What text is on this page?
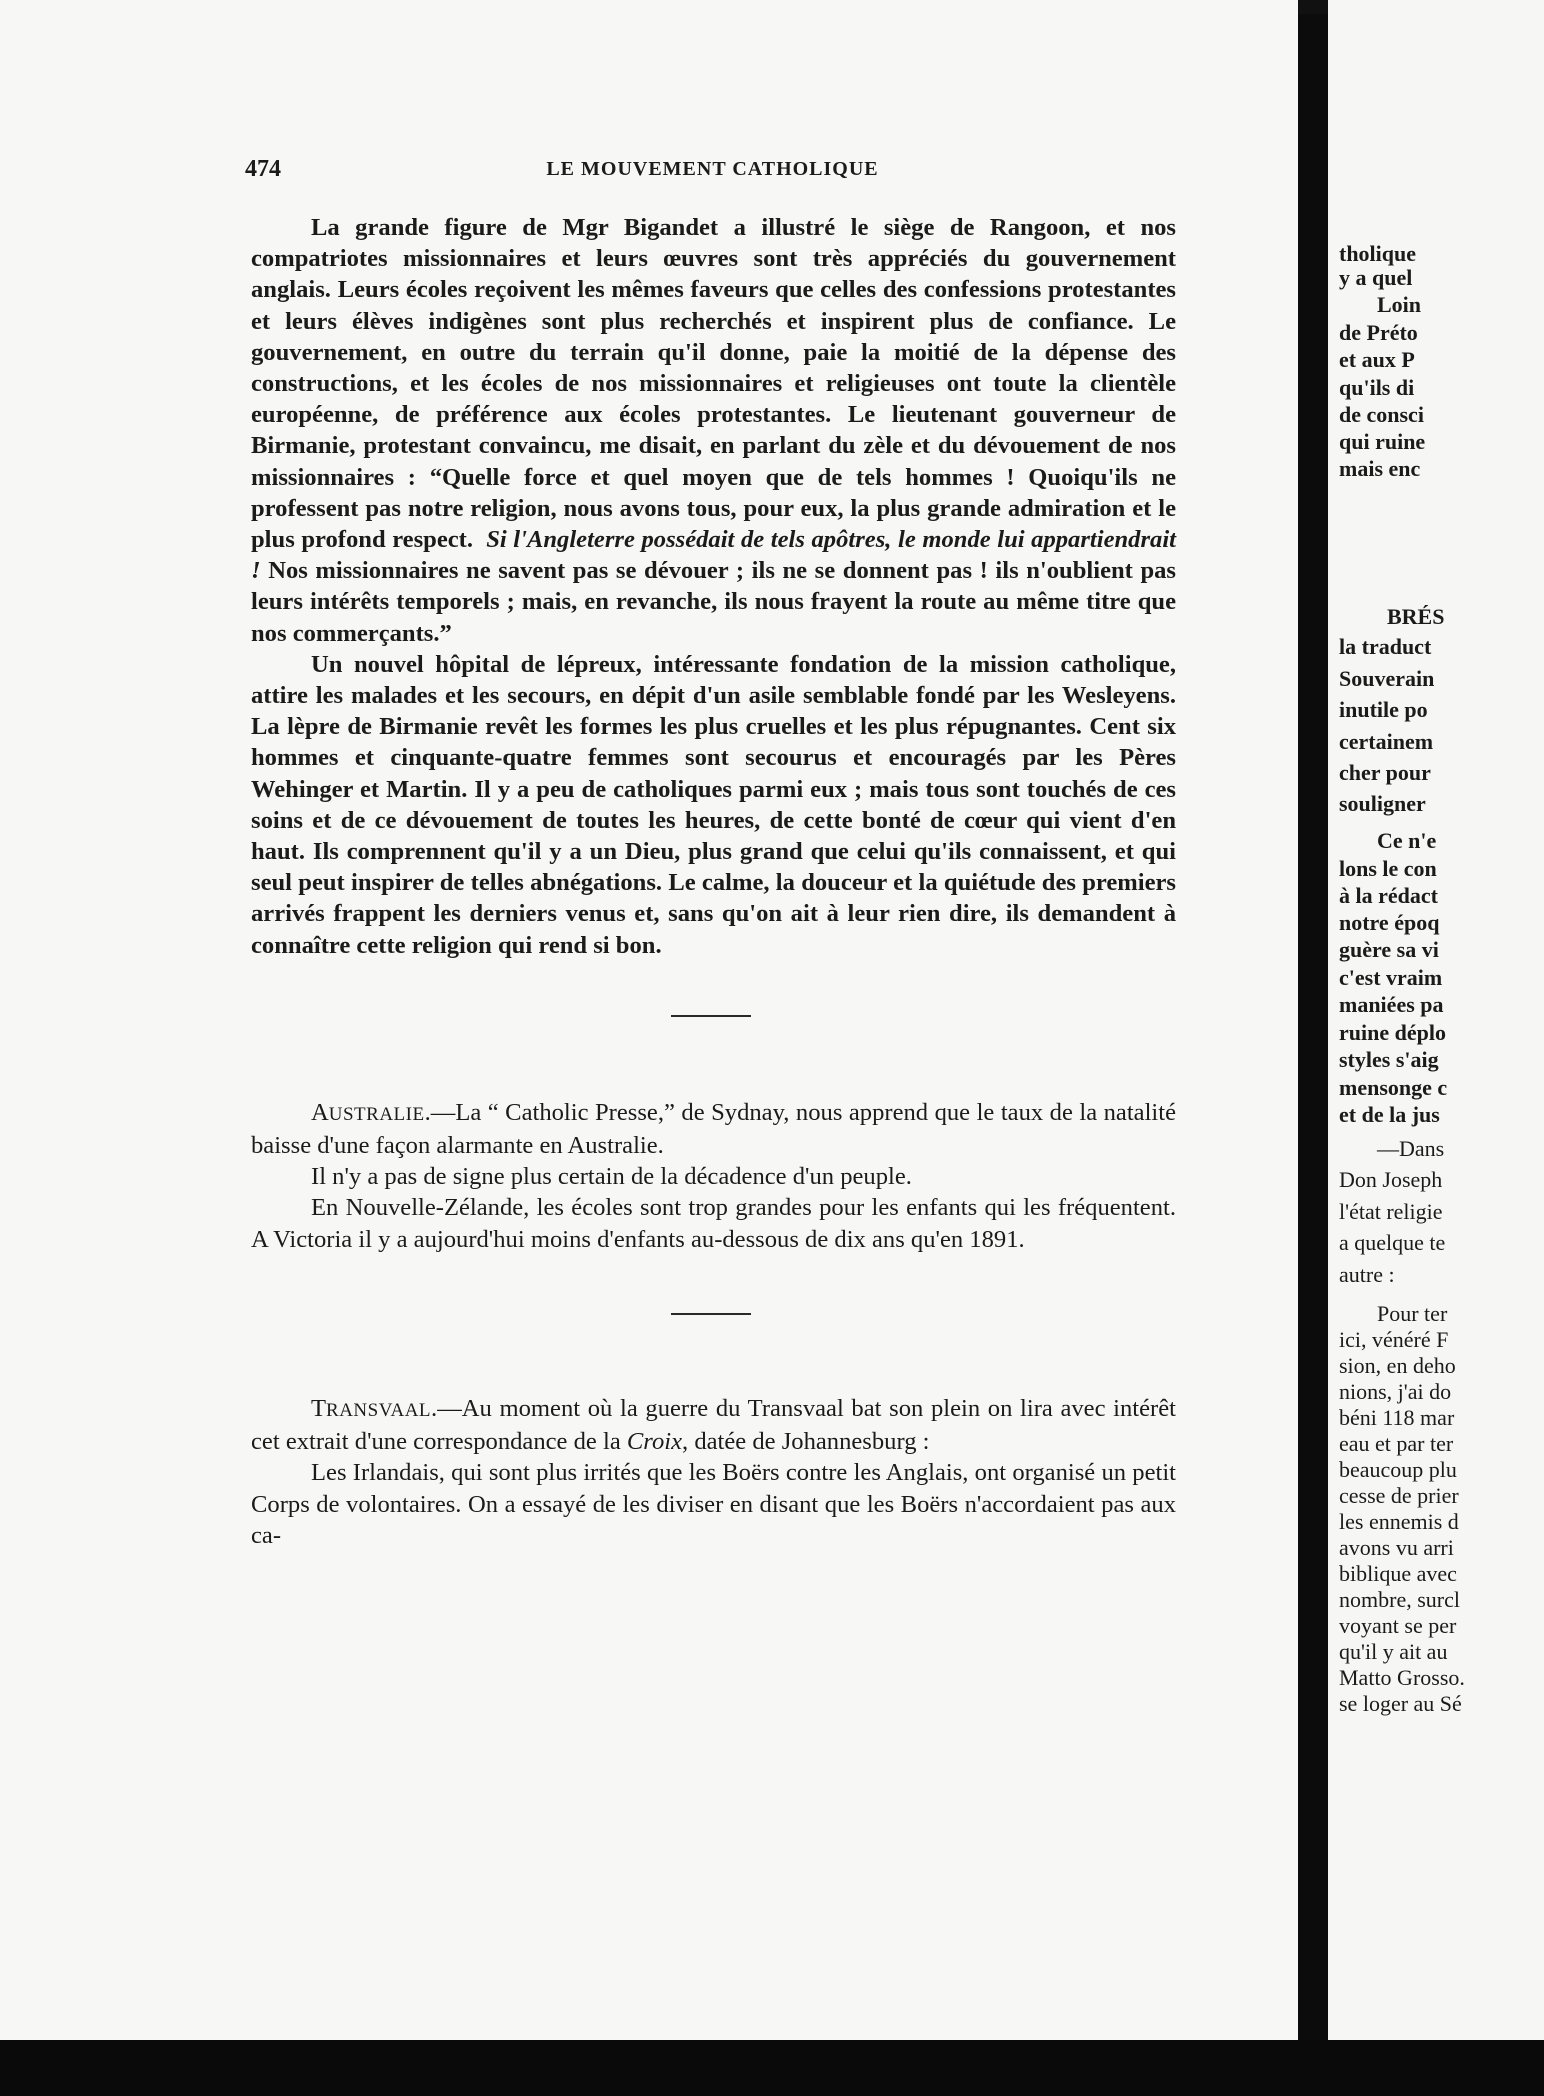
474	LE MOUVEMENT CATHOLIQUE

La grande figure de Mgr Bigandet a illustré le siège de Rangoon, et nos compatriotes missionnaires et leurs œuvres sont très appréciés du gouvernement anglais. Leurs écoles reçoivent les mêmes faveurs que celles des confessions protestantes et leurs élèves indigènes sont plus recherchés et inspirent plus de confiance. Le gouvernement, en outre du terrain qu'il donne, paie la moitié de la dépense des constructions, et les écoles de nos missionnaires et religieuses ont toute la clientèle européenne, de préférence aux écoles protestantes. Le lieutenant gouverneur de Birmanie, protestant convaincu, me disait, en parlant du zèle et du dévouement de nos missionnaires : “Quelle force et quel moyen que de tels hommes ! Quoiqu'ils ne professent pas notre religion, nous avons tous, pour eux, la plus grande admiration et le plus profond respect. Si l'Angleterre possédait de tels apôtres, le monde lui appartiendrait ! Nos missionnaires ne savent pas se dévouer ; ils ne se donnent pas ! ils n'oublient pas leurs intérêts temporels ; mais, en revanche, ils nous frayent la route au même titre que nos commerçants.”

Un nouvel hôpital de lépreux, intéressante fondation de la mission catholique, attire les malades et les secours, en dépit d'un asile semblable fondé par les Wesleyens. La lèpre de Birmanie revêt les formes les plus cruelles et les plus répugnantes. Cent six hommes et cinquante-quatre femmes sont secourus et encouragés par les Pères Wehinger et Martin. Il y a peu de catholiques parmi eux ; mais tous sont touchés de ces soins et de ce dévouement de toutes les heures, de cette bonté de cœur qui vient d'en haut. Ils comprennent qu'il y a un Dieu, plus grand que celui qu'ils connaissent, et qui seul peut inspirer de telles abnégations. Le calme, la douceur et la quiétude des premiers arrivés frappent les derniers venus et, sans qu'on ait à leur rien dire, ils demandent à connaître cette religion qui rend si bon.

AUSTRALIE.—La “ Catholic Presse,” de Sydnay, nous apprend que le taux de la natalité baisse d'une façon alarmante en Australie.

Il n'y a pas de signe plus certain de la décadence d'un peuple.

En Nouvelle-Zélande, les écoles sont trop grandes pour les enfants qui les fréquentent. A Victoria il y a aujourd'hui moins d'enfants au-dessous de dix ans qu'en 1891.

TRANSVAAL.—Au moment où la guerre du Transvaal bat son plein on lira avec intérêt cet extrait d'une correspondance de la Croix, datée de Johannesburg :

Les Irlandais, qui sont plus irrités que les Boërs contre les Anglais, ont organisé un petit Corps de volontaires. On a essayé de les diviser en disant que les Boërs n'accordaient pas aux ca-

tholique
y a quel
Loin
de Préto
et aux P
qu'ils di
de consci
qui ruine
mais enc
BRÉS
la traduct
Souverain
inutile po
certainem
cher pour
souligner
Ce n'e
lons le con
à la rédact
notre époq
guère sa vi
c'est vraim
maniées pa
ruine déplo
styles s'aig
mensonge c
et de la jus
—Dans
Don Joseph
l'état religie
a quelque te
autre :
Pour ter
ici, vénéré F
sion, en deho
nions, j'ai do
béni 118 mar
eau et par ter
beaucoup plu
cesse de prier
les ennemis d
avons vu arri
biblique avec
nombre, surcl
voyant se per
qu'il y ait au
Matto Grosso.
se loger au Sé
